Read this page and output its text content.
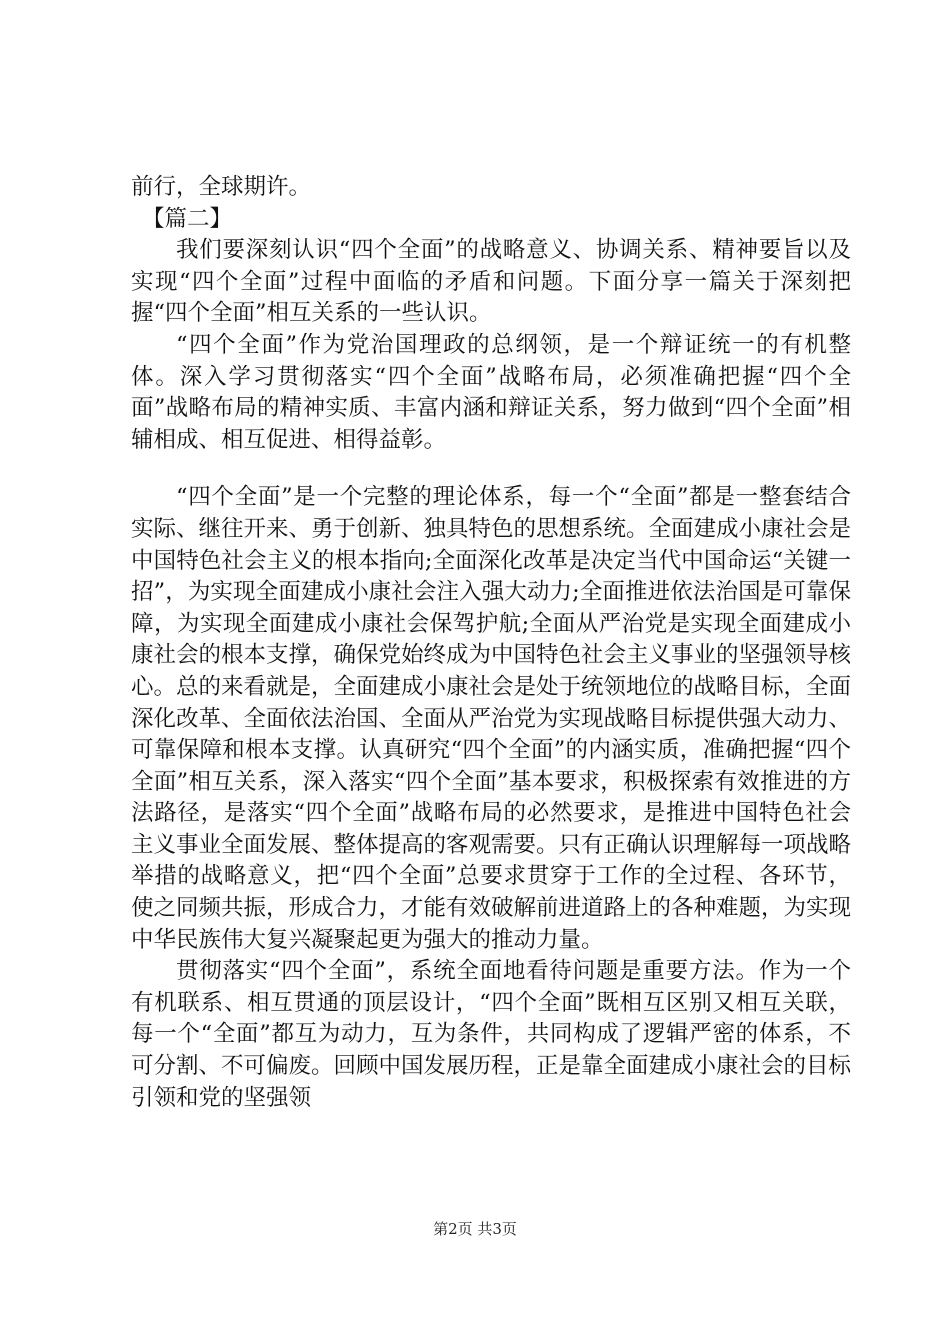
前行，全球期许。

【篇二】

我们要深刻认识“四个全面”的战略意义、协调关系、精神要旨以及实现“四个全面”过程中面临的矛盾和问题。下面分享一篇关于深刻把握“四个全面”相互关系的一些认识。

“四个全面”作为党治国理政的总纲领，是一个辩证统一的有机整体。深入学习贯彻落实“四个全面”战略布局，必须准确把握“四个全面”战略布局的精神实质、丰富内涵和辩证关系，努力做到“四个全面”相辅相成、相互促进、相得益彰。

“四个全面”是一个完整的理论体系，每一个“全面”都是一整套结合实际、继往开来、勇于创新、独具特色的思想系统。全面建成小康社会是中国特色社会主义的根本指向;全面深化改革是决定当代中国命运“关键一招”，为实现全面建成小康社会注入强大动力;全面推进依法治国是可靠保障，为实现全面建成小康社会保驾护航;全面从严治党是实现全面建成小康社会的根本支撑，确保党始终成为中国特色社会主义事业的坚强领导核心。总的来看就是，全面建成小康社会是处于统领地位的战略目标，全面深化改革、全面依法治国、全面从严治党为实现战略目标提供强大动力、可靠保障和根本支撑。认真研究“四个全面”的内涵实质，准确把握“四个全面”相互关系，深入落实“四个全面”基本要求，积极探索有效推进的方法路径，是落实“四个全面”战略布局的必然要求，是推进中国特色社会主义事业全面发展、整体提高的客观需要。只有正确认识理解每一项战略举措的战略意义，把“四个全面”总要求贯穿于工作的全过程、各环节，使之同频共振，形成合力，才能有效破解前进道路上的各种难题，为实现中华民族伟大复兴凝聚起更为强大的推动力量。

贯彻落实“四个全面”，系统全面地看待问题是重要方法。作为一个有机联系、相互贯通的顶层设计，“四个全面”既相互区别又相互关联，每一个“全面”都互为动力，互为条件，共同构成了逻辑严密的体系，不可分割、不可偏废。回顾中国发展历程，正是靠全面建成小康社会的目标引领和党的坚强领

第2页 共3页
